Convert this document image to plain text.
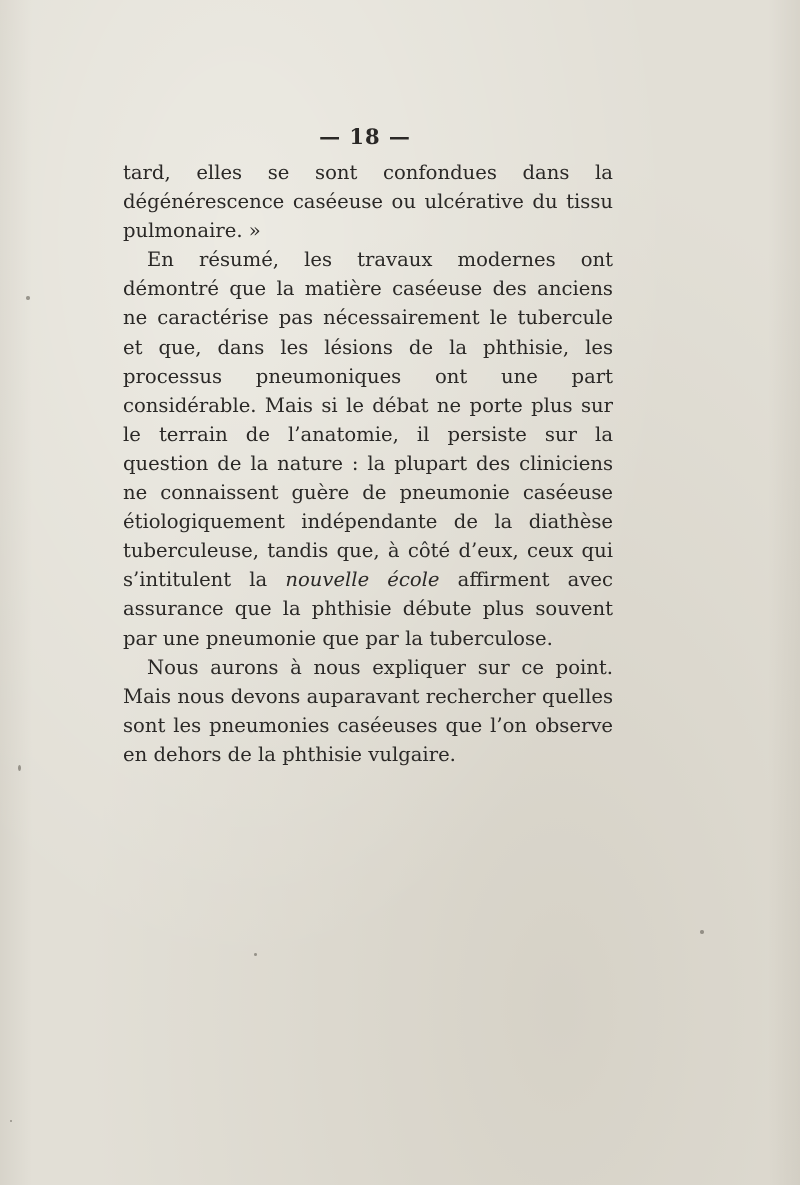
— 18 —

tard, elles se sont confondues dans la dégénérescence caséeuse ou ulcérative du tissu pulmonaire. »

En résumé, les travaux modernes ont démontré que la matière caséeuse des anciens ne caractérise pas nécessairement le tubercule et que, dans les lésions de la phthisie, les processus pneumoniques ont une part considérable. Mais si le débat ne porte plus sur le terrain de l’anatomie, il persiste sur la question de la nature : la plupart des cliniciens ne connaissent guère de pneumonie caséeuse étiologiquement indépendante de la diathèse tuberculeuse, tandis que, à côté d’eux, ceux qui s’intitulent la nouvelle école affirment avec assurance que la phthisie débute plus souvent par une pneumonie que par la tuberculose.

Nous aurons à nous expliquer sur ce point. Mais nous devons auparavant rechercher quelles sont les pneumonies caséeuses que l’on observe en dehors de la phthisie vulgaire.
